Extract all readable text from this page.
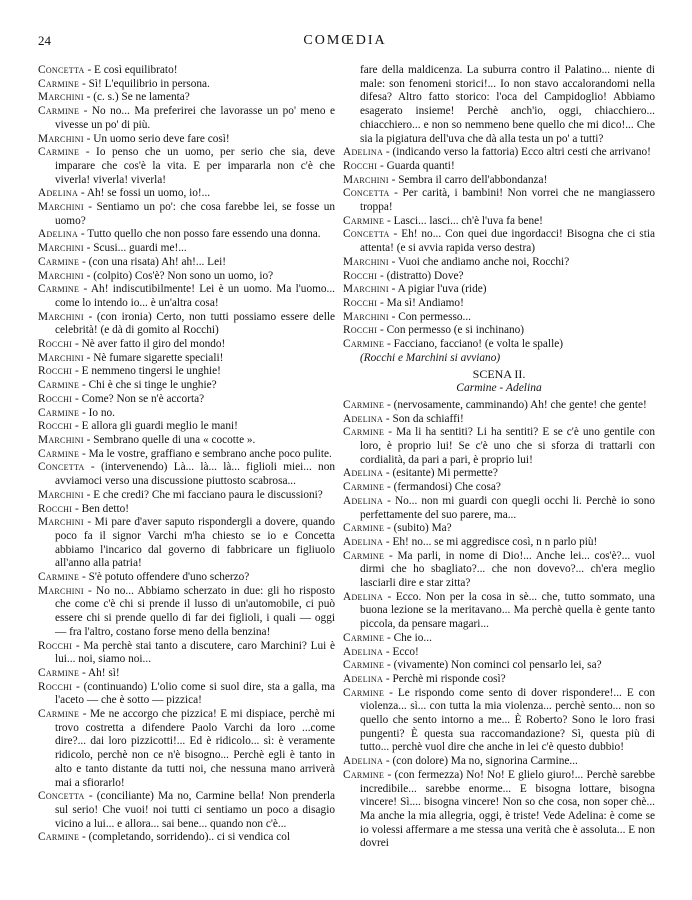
24	COMŒDIA

Concetta - E così equilibrato!

Carmine - Sì! L'equilibrio in persona.

Marchini - (c. s.) Se ne lamenta?

Carmine - No no... Ma preferirei che lavorasse un po' meno e vivesse un po' di più.

Marchini - Un uomo serio deve fare così!

Carmine - Io penso che un uomo, per serio che sia, deve imparare che cos'è la vita. E per impararla non c'è che viverla! viverla! viverla!

Adelina - Ah! se fossi un uomo, io!...

Marchini - Sentiamo un po': che cosa farebbe lei, se fosse un uomo?

Adelina - Tutto quello che non posso fare essendo una donna.

Marchini - Scusi... guardi me!...

Carmine - (con una risata) Ah! ah!... Lei!

Marchini - (colpito) Cos'è? Non sono un uomo, io?

Carmine - Ah! indiscutibilmente! Lei è un uomo. Ma l'uomo... come lo intendo io... è un'altra cosa!

Marchini - (con ironia) Certo, non tutti possiamo essere delle celebrità! (e dà di gomito al Rocchi)

Rocchi - Nè aver fatto il giro del mondo!

Marchini - Nè fumare sigarette speciali!

Rocchi - E nemmeno tingersi le unghie!

Carmine - Chi è che si tinge le unghie?

Rocchi - Come? Non se n'è accorta?

Carmine - Io no.

Rocchi - E allora gli guardi meglio le mani!

Marchini - Sembrano quelle di una « cocotte ».

Carmine - Ma le vostre, graffiano e sembrano anche poco pulite.

Concetta - (intervenendo) Là... là... là... figlioli miei... non avviamoci verso una discussione piuttosto scabrosa...

Marchini - E che credi? Che mi facciano paura le discussioni?

Rocchi - Ben detto!

Marchini - Mi pare d'aver saputo rispondergli a dovere, quando poco fa il signor Varchi m'ha chiesto se io e Concetta abbiamo l'incarico dal governo di fabbricare un figliuolo all'anno alla patria!

Carmine - S'è potuto offendere d'uno scherzo?

Marchini - No no... Abbiamo scherzato in due: gli ho risposto che come c'è chi si prende il lusso di un'automobile, ci può essere chi si prende quello di far dei figlioli, i quali — oggi — fra l'altro, costano forse meno della benzina!

Rocchi - Ma perchè stai tanto a discutere, caro Marchini? Lui è lui... noi, siamo noi...

Carmine - Ah! sì!

Rocchi - (continuando) L'olio come si suol dire, sta a galla, ma l'aceto — che è sotto — pizzica!

Carmine - Me ne accorgo che pizzica! E mi dispiace, perchè mi trovo costretta a difendere Paolo Varchi da loro ...come dire?... dai loro pizzicotti!... Ed è ridicolo... sì: è veramente ridicolo, perchè non ce n'è bisogno... Perchè egli è tanto in alto e tanto distante da tutti noi, che nessuna mano arriverà mai a sfiorarlo!

Concetta - (conciliante) Ma no, Carmine bella! Non prenderla sul serio! Che vuoi! noi tutti ci sentiamo un poco a disagio vicino a lui... e allora... sai bene... quando non c'è...

Carmine - (completando, sorridendo).. ci si vendica col

fare della maldicenza. La suburra contro il Palatino... niente di male: son fenomeni storici!... Io non stavo accalorandomi nella difesa? Altro fatto storico: l'oca del Campidoglio! Abbiamo esagerato insieme! Perchè anch'io, oggi, chiacchiero... chiacchiero... e non so nemmeno bene quello che mi dico!... Che sia la pigiatura dell'uva che dà alla testa un po' a tutti?

Adelina - (indicando verso la fattoria) Ecco altri cesti che arrivano!

Rocchi - Guarda quanti!

Marchini - Sembra il carro dell'abbondanza!

Concetta - Per carità, i bambini! Non vorrei che ne mangiassero troppa!

Carmine - Lasci... lasci... ch'è l'uva fa bene!

Concetta - Eh! no... Con quei due ingordacci! Bisogna che ci stia attenta! (e si avvia rapida verso destra)

Marchini - Vuoi che andiamo anche noi, Rocchi?

Rocchi - (distratto) Dove?

Marchini - A pigiar l'uva (ride)

Rocchi - Ma sì! Andiamo!

Marchini - Con permesso...

Rocchi - Con permesso (e si inchinano)

Carmine - Facciano, facciano! (e volta le spalle)

(Rocchi e Marchini si avviano)

SCENA II.
Carmine - Adelina

Carmine - (nervosamente, camminando) Ah! che gente! che gente!

Adelina - Son da schiaffi!

Carmine - Ma li ha sentiti? Li ha sentiti? E se c'è uno gentile con loro, è proprio lui! Se c'è uno che si sforza di trattarli con cordialità, da pari a pari, è proprio lui!

Adelina - (esitante) Mi permette?

Carmine - (fermandosi) Che cosa?

Adelina - No... non mi guardi con quegli occhi li. Perchè io sono perfettamente del suo parere, ma...

Carmine - (subito) Ma?

Adelina - Eh! no... se mi aggredisce così, n n parlo più!

Carmine - Ma parli, in nome di Dio!... Anche lei... cos'è?... vuol dirmi che ho sbagliato?... che non dovevo?... ch'era meglio lasciarli dire e star zitta?

Adelina - Ecco. Non per la cosa in sè... che, tutto sommato, una buona lezione se la meritavano... Ma perchè quella è gente tanto piccola, da pensare magari...

Carmine - Che io...

Adelina - Ecco!

Carmine - (vivamente) Non cominci col pensarlo lei, sa?

Adelina - Perchè mi risponde così?

Carmine - Le rispondo come sento di dover rispondere!... E con violenza... sì... con tutta la mia violenza... perchè sento... non so quello che sento intorno a me... È Roberto? Sono le loro frasi pungenti? È questa sua raccomandazione? Sì, questa più di tutto... perchè vuol dire che anche in lei c'è questo dubbio!

Adelina - (con dolore) Ma no, signorina Carmine...

Carmine - (con fermezza) No! No! E glielo giuro!... Perchè sarebbe incredibile... sarebbe enorme... E bisogna lottare, bisogna vincere! Sì.... bisogna vincere! Non so che cosa, non soper chè... Ma anche la mia allegria, oggi, è triste! Vede Adelina: è come se io volessi affermare a me stessa una verità che è assoluta... E non dovrei
